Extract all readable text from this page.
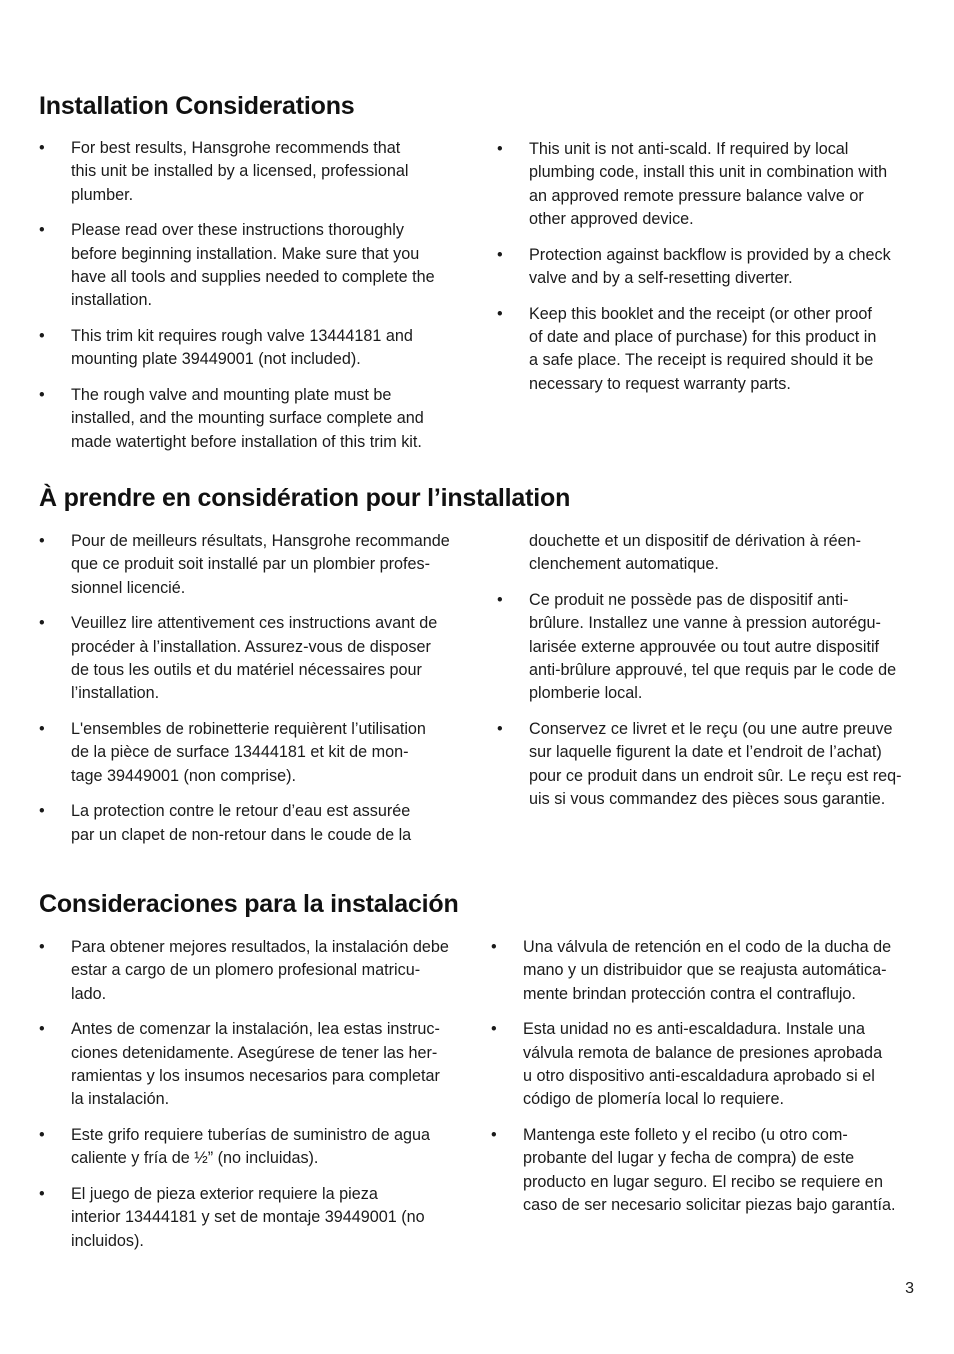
Installation Considerations
• For best results, Hansgrohe recommends that
this unit be installed by a licensed, professional
plumber.
• Please read over these instructions thoroughly
before beginning installation. Make sure that you
have all tools and supplies needed to complete the
installation.
• This trim kit requires rough valve 13444181 and
mounting plate 39449001 (not included).
• The rough valve and mounting plate must be
installed, and the mounting surface complete and
made watertight before installation of this trim kit.
• This unit is not anti-scald. If required by local
plumbing code, install this unit in combination with
an approved remote pressure balance valve or
other approved device.
• Protection against backflow is provided by a check
valve and by a self-resetting diverter.
• Keep this booklet and the receipt (or other proof
of date and place of purchase) for this product in
a safe place. The receipt is required should it be
necessary to request warranty parts.
À prendre en considération pour l’installation
• Pour de meilleurs résultats, Hansgrohe recommande
que ce produit soit installé par un plombier profes-
sionnel licencié.
• Veuillez lire attentivement ces instructions avant de
procéder à l’installation. Assurez-vous de disposer
de tous les outils et du matériel nécessaires pour
l’installation.
• L'ensembles de robinetterie requièrent l’utilisation
de la pièce de surface 13444181 et kit de mon-
tage 39449001 (non comprise).
• La protection contre le retour d’eau est assurée
par un clapet de non-retour dans le coude de la
douchette et un dispositif de dérivation à réen-
clenchement automatique.
• Ce produit ne possède pas de dispositif anti-
brûlure. Installez une vanne à pression autorégu-
larisée externe approuvée ou tout autre dispositif
anti-brûlure approuvé, tel que requis par le code de
plomberie local.
• Conservez ce livret et le reçu (ou une autre preuve
sur laquelle figurent la date et l’endroit de l’achat)
pour ce produit dans un endroit sûr. Le reçu est req-
uis si vous commandez des pièces sous garantie.
Consideraciones para la instalación
• Para obtener mejores resultados, la instalación debe
estar a cargo de un plomero profesional matricu-
lado.
• Antes de comenzar la instalación, lea estas instruc-
ciones detenidamente. Asegúrese de tener las her-
ramientas y los insumos necesarios para completar
la instalación.
• Este grifo requiere tuberías de suministro de agua
caliente y fría de ½” (no incluidas).
• El juego de pieza exterior requiere la pieza
interior 13444181 y set de montaje 39449001 (no
incluidos).
• Una válvula de retención en el codo de la ducha de
mano y un distribuidor que se reajusta automática-
mente brindan protección contra el contraflujo.
• Esta unidad no es anti-escaldadura. Instale una
válvula remota de balance de presiones aprobada
u otro dispositivo anti-escaldadura aprobado si el
código de plomería local lo requiere.
• Mantenga este folleto y el recibo (u otro com-
probante del lugar y fecha de compra) de este
producto en lugar seguro. El recibo se requiere en
caso de ser necesario solicitar piezas bajo garantía.
3
